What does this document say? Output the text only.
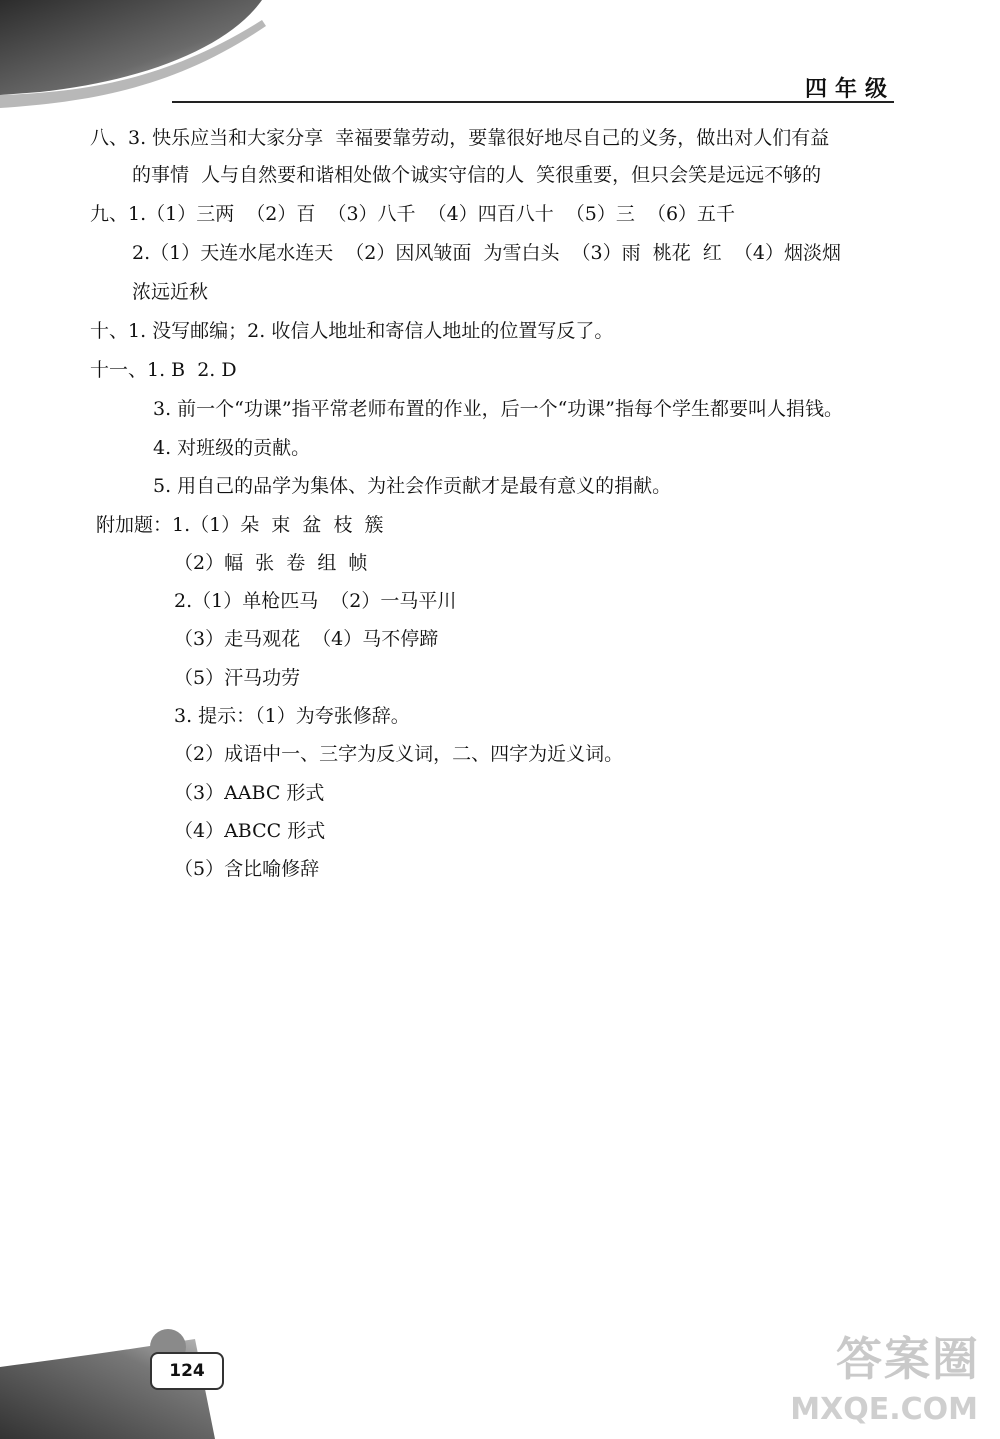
四年级
八、3. 快乐应当和大家分享  幸福要靠劳动，要靠很好地尽自己的义务，做出对人们有益
的事情  人与自然要和谐相处做个诚实守信的人  笑很重要，但只会笑是远远不够的
九、1.（1）三两  （2）百  （3）八千  （4）四百八十  （5）三  （6）五千
2.（1）天连水尾水连天  （2）因风皱面  为雪白头  （3）雨  桃花  红  （4）烟淡烟
浓远近秋
十、1. 没写邮编；2. 收信人地址和寄信人地址的位置写反了。
十一、1. B  2. D
3. 前一个“功课”指平常老师布置的作业，后一个“功课”指每个学生都要叫人捐钱。
4. 对班级的贡献。
5. 用自己的品学为集体、为社会作贡献才是最有意义的捐献。
附加题：1.（1）朵  束  盆  枝  簇
（2）幅  张  卷  组  帧
2.（1）单枪匹马  （2）一马平川
（3）走马观花  （4）马不停蹄
（5）汗马功劳
3. 提示：（1）为夸张修辞。
（2）成语中一、三字为反义词，二、四字为近义词。
（3）AABC 形式
（4）ABCC 形式
（5）含比喻修辞
124	答案圈
MXQE.COM
